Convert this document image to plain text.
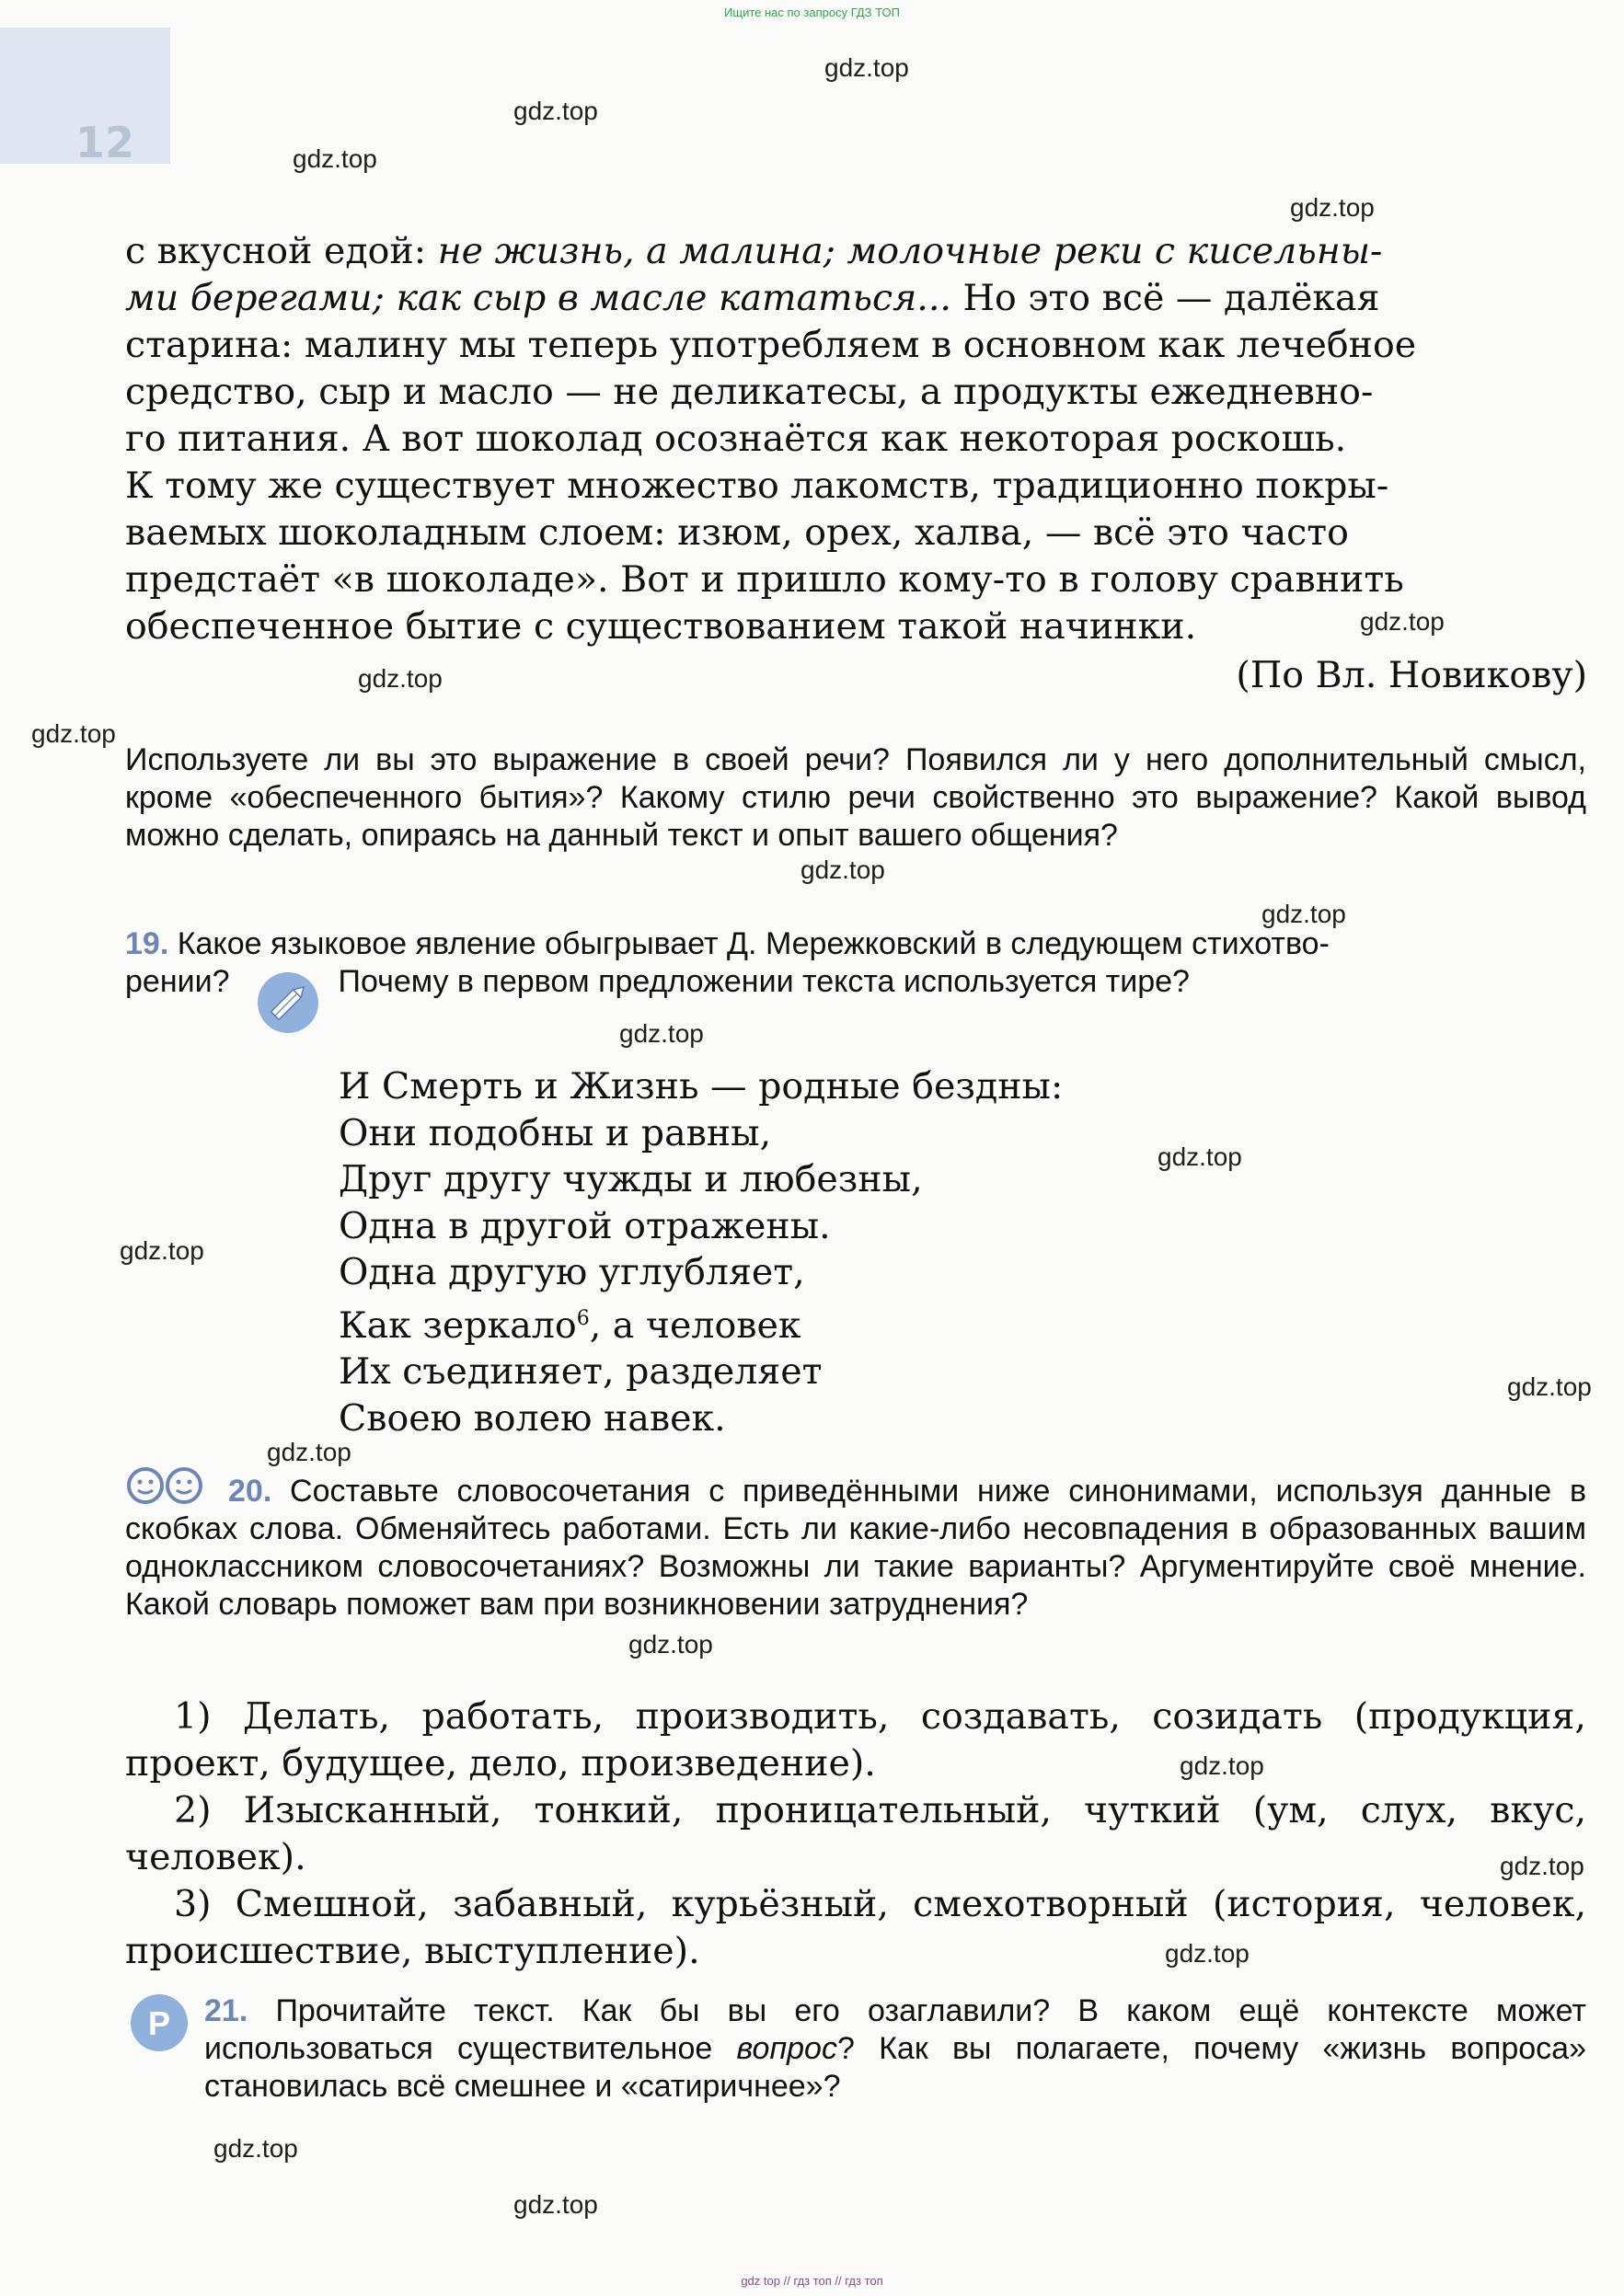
Ищите нас по запросу ГДЗ ТОП
12
gdz.top
gdz.top
gdz.top
gdz.top
gdz.top
gdz.top
gdz.top
gdz.top
gdz.top
gdz.top
gdz.top
gdz.top
gdz.top
gdz.top
gdz.top
gdz.top
gdz.top
gdz.top
gdz.top
gdz.top
с вкусной едой: не жизнь, а малина; молочные реки с кисельны-
ми берегами; как сыр в масле кататься... Но это всё — далёкая
старина: малину мы теперь употребляем в основном как лечебное
средство, сыр и масло — не деликатесы, а продукты ежедневно-
го питания. А вот шоколад осознаётся как некоторая роскошь.
К тому же существует множество лакомств, традиционно покры-
ваемых шоколадным слоем: изюм, орех, халва, — всё это часто
предстаёт «в шоколаде». Вот и пришло кому-то в голову сравнить
обеспеченное бытие с существованием такой начинки.
(По Вл. Новикову)
Используете ли вы это выражение в своей речи? Появился ли у него дополнительный смысл, кроме «обеспеченного бытия»? Какому стилю речи свойственно это выражение? Какой вывод можно сделать, опираясь на данный текст и опыт вашего общения?
19. Какое языковое явление обыгрывает Д. Мережковский в следующем стихотво-
рении?	Почему в первом предложении текста используется тире?
И Смерть и Жизнь — родные бездны:
Они подобны и равны,
Друг другу чужды и любезны,
Одна в другой отражены.
Одна другую углубляет,
Как зеркало$^6$, а человек
Их съединяет, разделяет
Своею волею навек.
20. Составьте словосочетания с приведёнными ниже синонимами, используя данные в скобках слова. Обменяйтесь работами. Есть ли какие-либо несовпадения в образованных вашим одноклассником словосочетаниях? Возможны ли такие варианты? Аргументируйте своё мнение. Какой словарь поможет вам при возникновении затруднения?
1) Делать, работать, производить, создавать, созидать (продукция, проект, будущее, дело, произведение).
2) Изысканный, тонкий, проницательный, чуткий (ум, слух, вкус, человек).
3) Смешной, забавный, курьёзный, смехотворный (история, человек, происшествие, выступление).
P 21. Прочитайте текст. Как бы вы его озаглавили? В каком ещё контексте может использоваться существительное вопрос? Как вы полагаете, почему «жизнь вопроса» становилась всё смешнее и «сатиричнее»?
gdz top // гдз топ // гдз топ
